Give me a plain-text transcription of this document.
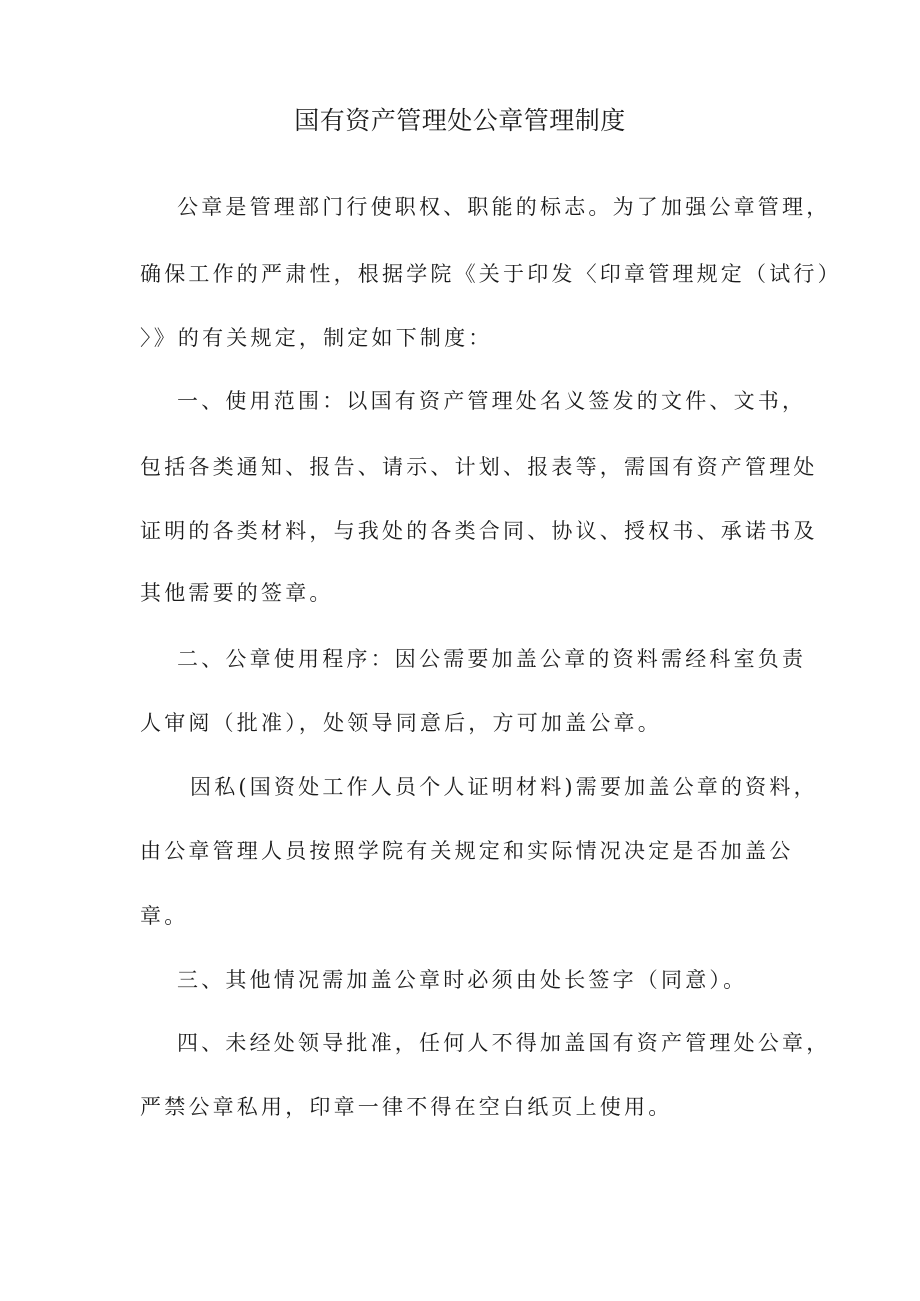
国有资产管理处公章管理制度

公章是管理部门行使职权、职能的标志。为了加强公章管理，

确保工作的严肃性，根据学院《关于印发〈印章管理规定（试行）

〉》的有关规定，制定如下制度：

一、使用范围：以国有资产管理处名义签发的文件、文书，

包括各类通知、报告、请示、计划、报表等，需国有资产管理处

证明的各类材料，与我处的各类合同、协议、授权书、承诺书及

其他需要的签章。

二、公章使用程序：因公需要加盖公章的资料需经科室负责

人审阅（批准），处领导同意后，方可加盖公章。

因私(国资处工作人员个人证明材料)需要加盖公章的资料，

由公章管理人员按照学院有关规定和实际情况决定是否加盖公

章。

三、其他情况需加盖公章时必须由处长签字（同意）。

四、未经处领导批准，任何人不得加盖国有资产管理处公章，

严禁公章私用，印章一律不得在空白纸页上使用。
